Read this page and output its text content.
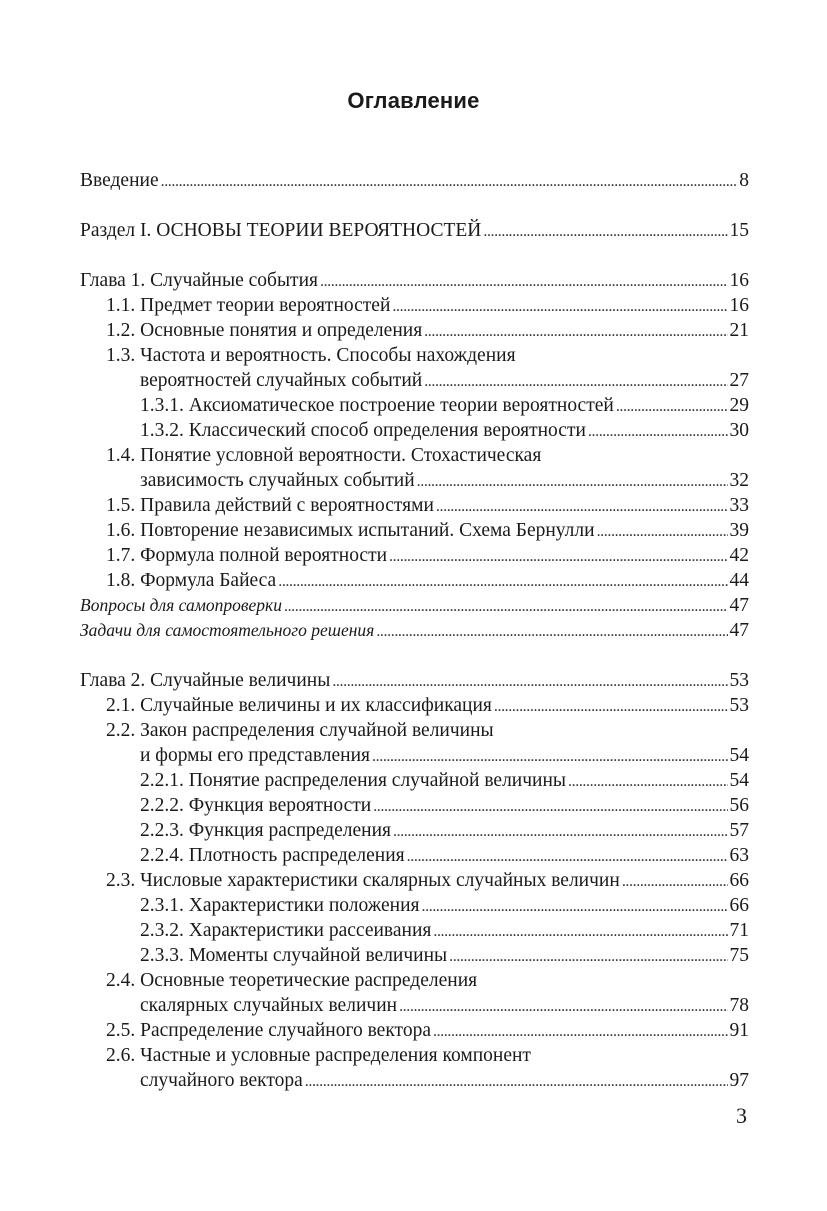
Оглавление
Введение . . .	8
Раздел I. ОСНОВЫ ТЕОРИИ ВЕРОЯТНОСТЕЙ . . .	15
Глава 1. Случайные события . . .	16
1.1. Предмет теории вероятностей . . .	16
1.2. Основные понятия и определения . . .	21
1.3. Частота и вероятность. Способы нахождения
вероятностей случайных событий . . .	27
1.3.1. Аксиоматическое построение теории вероятностей . . .	29
1.3.2. Классический способ определения вероятности . . .	30
1.4. Понятие условной вероятности. Стохастическая
зависимость случайных событий . . .	32
1.5. Правила действий с вероятностями . . .	33
1.6. Повторение независимых испытаний. Схема Бернулли . . .	39
1.7. Формула полной вероятности . . .	42
1.8. Формула Байеса . . .	44
Вопросы для самопроверки . . .	47
Задачи для самостоятельного решения . . .	47
Глава 2. Случайные величины . . .	53
2.1. Случайные величины и их классификация . . .	53
2.2. Закон распределения случайной величины
и формы его представления . . .	54
2.2.1. Понятие распределения случайной величины . . .	54
2.2.2. Функция вероятности . . .	56
2.2.3. Функция распределения . . .	57
2.2.4. Плотность распределения . . .	63
2.3. Числовые характеристики скалярных случайных величин . . .	66
2.3.1. Характеристики положения . . .	66
2.3.2. Характеристики рассеивания . . .	71
2.3.3. Моменты случайной величины . . .	75
2.4. Основные теоретические распределения
скалярных случайных величин . . .	78
2.5. Распределение случайного вектора . . .	91
2.6. Частные и условные распределения компонент
случайного вектора . . .	97
3
